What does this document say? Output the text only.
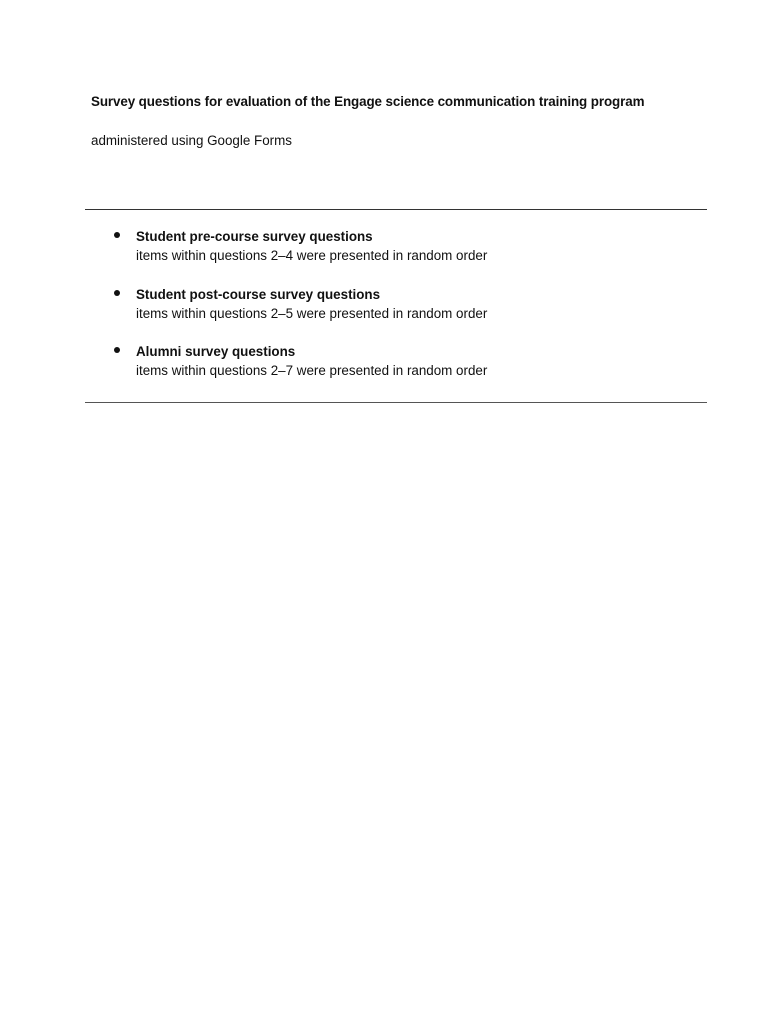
Survey questions for evaluation of the Engage science communication training program

administered using Google Forms

Student pre-course survey questions
items within questions 2–4 were presented in random order
Student post-course survey questions
items within questions 2–5 were presented in random order
Alumni survey questions
items within questions 2–7 were presented in random order
